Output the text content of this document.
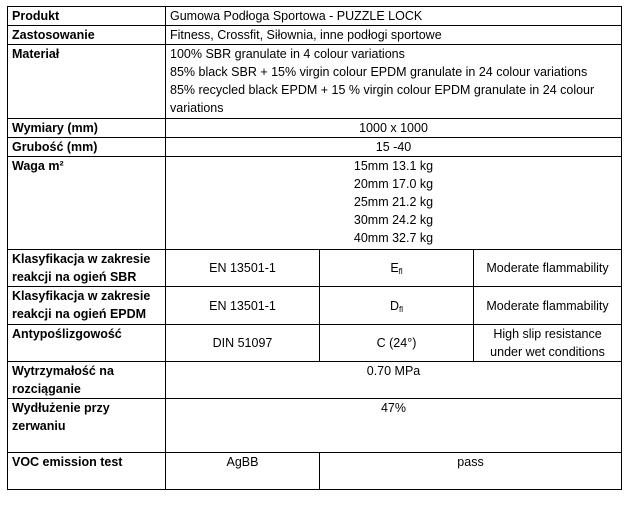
Produkt	Gumowa Podłoga Sportowa - PUZZLE LOCK		
Zastosowanie	Fitness, Crossfit, Siłownia, inne podłogi sportowe		
Materiał	100% SBR granulate in 4 colour variations
85% black SBR + 15% virgin colour EPDM granulate in 24 colour variations
85% recycled black EPDM + 15 % virgin colour EPDM granulate in 24 colour variations		
Wymiary (mm)	1000 x 1000		
Grubość (mm)	15 -40		
Waga m²	15mm 13.1 kg
20mm 17.0 kg
25mm 21.2 kg
30mm 24.2 kg
40mm 32.7 kg		

Klasyfikacja w zakresie reakcji na ogień SBR	EN 13501-1	$E_{fl}$	Moderate flammability
Klasyfikacja w zakresie reakcji na ogień EPDM	EN 13501-1	$D_{fl}$	Moderate flammability
Antypoślizgowość	DIN 51097	C (24°)	High slip resistance under wet conditions
Wytrzymałość na rozciąganie	0.70 MPa		
Wydłużenie przy zerwaniu	47%		
VOC emission test	AgBB	pass	
